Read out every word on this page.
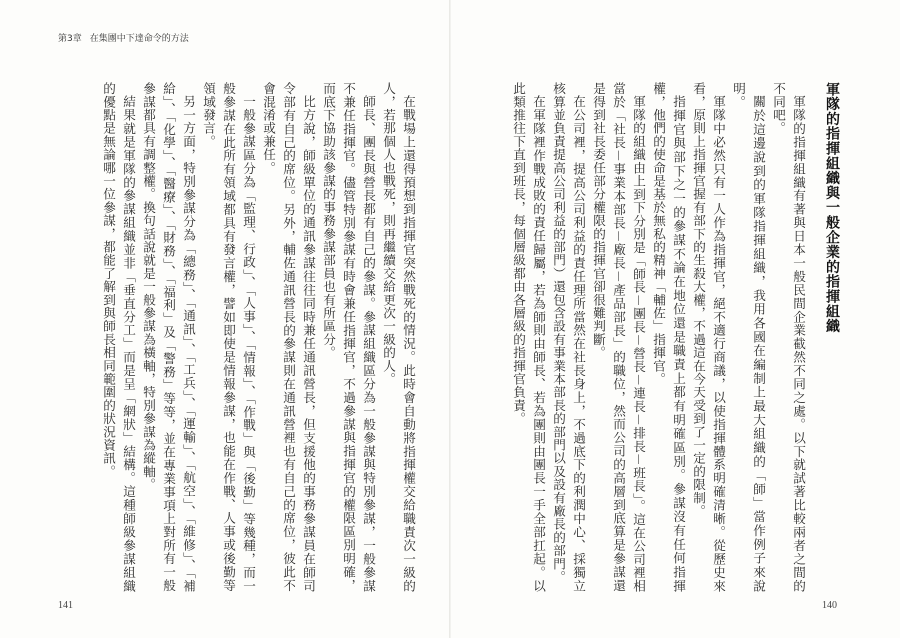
第3章 在集團中下達命令的方法

軍隊的指揮組織與一般企業的指揮組織

軍隊的指揮組織有著與日本一般民間企業截然不同之處。以下就試著比較兩者之間的不同吧。

關於這邊說到的軍隊指揮組織，我用各國在編制上最大組織的「師」當作例子來說明。

軍隊中必然只有一人作為指揮官，絕不適行商議，以使指揮體系明確清晰。從歷史來看，原則上指揮官握有部下的生殺大權，不過這在今天受到了一定的限制。

指揮官與部下之一的參謀不論在地位還是職責上都有明確區別。參謀沒有任何指揮權，他們的使命是基於無私的精神「輔佐」指揮官。

軍隊的組織由上到下分別是「師長－團長－營長－連長－排長－班長」。這在公司裡相當於「社長－事業本部長－廠長－產品部長」的職位，然而公司的高層到底算是參謀還是得到社長委任部分權限的指揮官卻很難判斷。

在公司裡，提高公司利益的責任理所當然在社長身上，不過底下的利潤中心、採獨立核算並負責提高公司利益的部門）還包含設有事業本部長的部門以及設有廠長的部門。

在軍隊裡作戰成敗的責任歸屬，若為師則由師長、若為團則由團長一手全部扛起。以此類推往下直到班長，每個層級都由各層級的指揮官負責。

在戰場上還得預想到指揮官突然戰死的情況。此時會自動將指揮權交給職責次一級的人，若那個人也戰死，則再繼續交給更次一級的人。

師長、團長與營長都有自己的參謀。參謀組織區分為一般參謀與特別參謀，一般參謀不兼任指揮官。儘管特別參謀有時會兼任指揮官，不過參謀與指揮官的權限區別明確，而底下協助該參謀的事務參謀部員也有所區分。

比方說，師級單位的通訊參謀往往同時兼任通訊營長，但支援他的事務參謀員在師司令部有自己的席位。另外，輔佐通訊營長的參謀則在通訊營裡也有自己的席位，彼此不會混淆或兼任。

一般參謀區分為「監理、行政」、「人事」、「情報」、「作戰」與「後勤」等幾種，而一般參謀在此所有領域都具有發言權，譬如即使是情報參謀，也能在作戰、人事或後勤等領域發言。

另一方面，特別參謀分為「總務」、「通訊」、「工兵」、「運輸」、「航空」、「維修」、「補給」、「化學」、「醫療」、「財務」、「福利」及「警務」等等，並在專業事項上對所有一般參謀都具有調整權。換句話說就是一般參謀為橫軸，特別參謀為縱軸。

結果就是軍隊的參謀組織並非「垂直分工」而是呈「網狀」結構。這種師級參謀組織的優點是無論哪一位參謀，都能了解到與師長相同範圍的狀況資訊。

141	140
